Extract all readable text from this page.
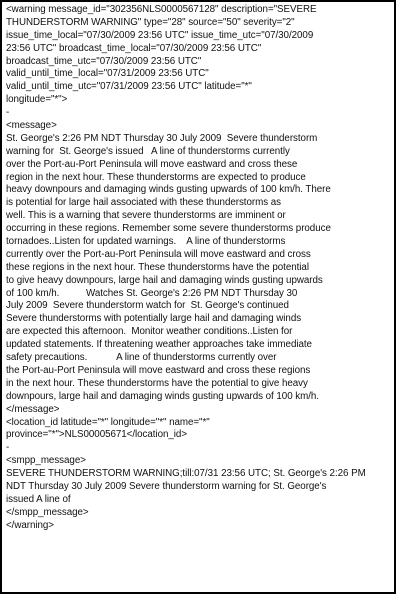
<warning message_id="302356NLS0000567128" description="SEVERE
THUNDERSTORM WARNING" type="28" source="50" severity="2"
issue_time_local="07/30/2009 23:56 UTC" issue_time_utc="07/30/2009
23:56 UTC" broadcast_time_local="07/30/2009 23:56 UTC"
broadcast_time_utc="07/30/2009 23:56 UTC"
valid_until_time_local="07/31/2009 23:56 UTC"
valid_until_time_utc="07/31/2009 23:56 UTC" latitude="*"
longitude="*">
-
<message>
St. George's 2:26 PM NDT Thursday 30 July 2009  Severe thunderstorm
warning for  St. George's issued   A line of thunderstorms currently
over the Port-au-Port Peninsula will move eastward and cross these
region in the next hour. These thunderstorms are expected to produce
heavy downpours and damaging winds gusting upwards of 100 km/h. There
is potential for large hail associated with these thunderstorms as
well. This is a warning that severe thunderstorms are imminent or
occurring in these regions. Remember some severe thunderstorms produce
tornadoes..Listen for updated warnings.    A line of thunderstorms
currently over the Port-au-Port Peninsula will move eastward and cross
these regions in the next hour. These thunderstorms have the potential
to give heavy downpours, large hail and damaging winds gusting upwards
of 100 km/h.          Watches St. George's 2:26 PM NDT Thursday 30
July 2009  Severe thunderstorm watch for  St. George's continued
Severe thunderstorms with potentially large hail and damaging winds
are expected this afternoon.  Monitor weather conditions..Listen for
updated statements. If threatening weather approaches take immediate
safety precautions.           A line of thunderstorms currently over
the Port-au-Port Peninsula will move eastward and cross these regions
in the next hour. These thunderstorms have the potential to give heavy
downpours, large hail and damaging winds gusting upwards of 100 km/h.
</message>
<location_id latitude="*" longitude="*" name="*"
province="*">NLS00005671</location_id>
-
<smpp_message>
SEVERE THUNDERSTORM WARNING;till:07/31 23:56 UTC; St. George's 2:26 PM
NDT Thursday 30 July 2009 Severe thunderstorm warning for St. George's
issued A line of
</smpp_message>
</warning>
